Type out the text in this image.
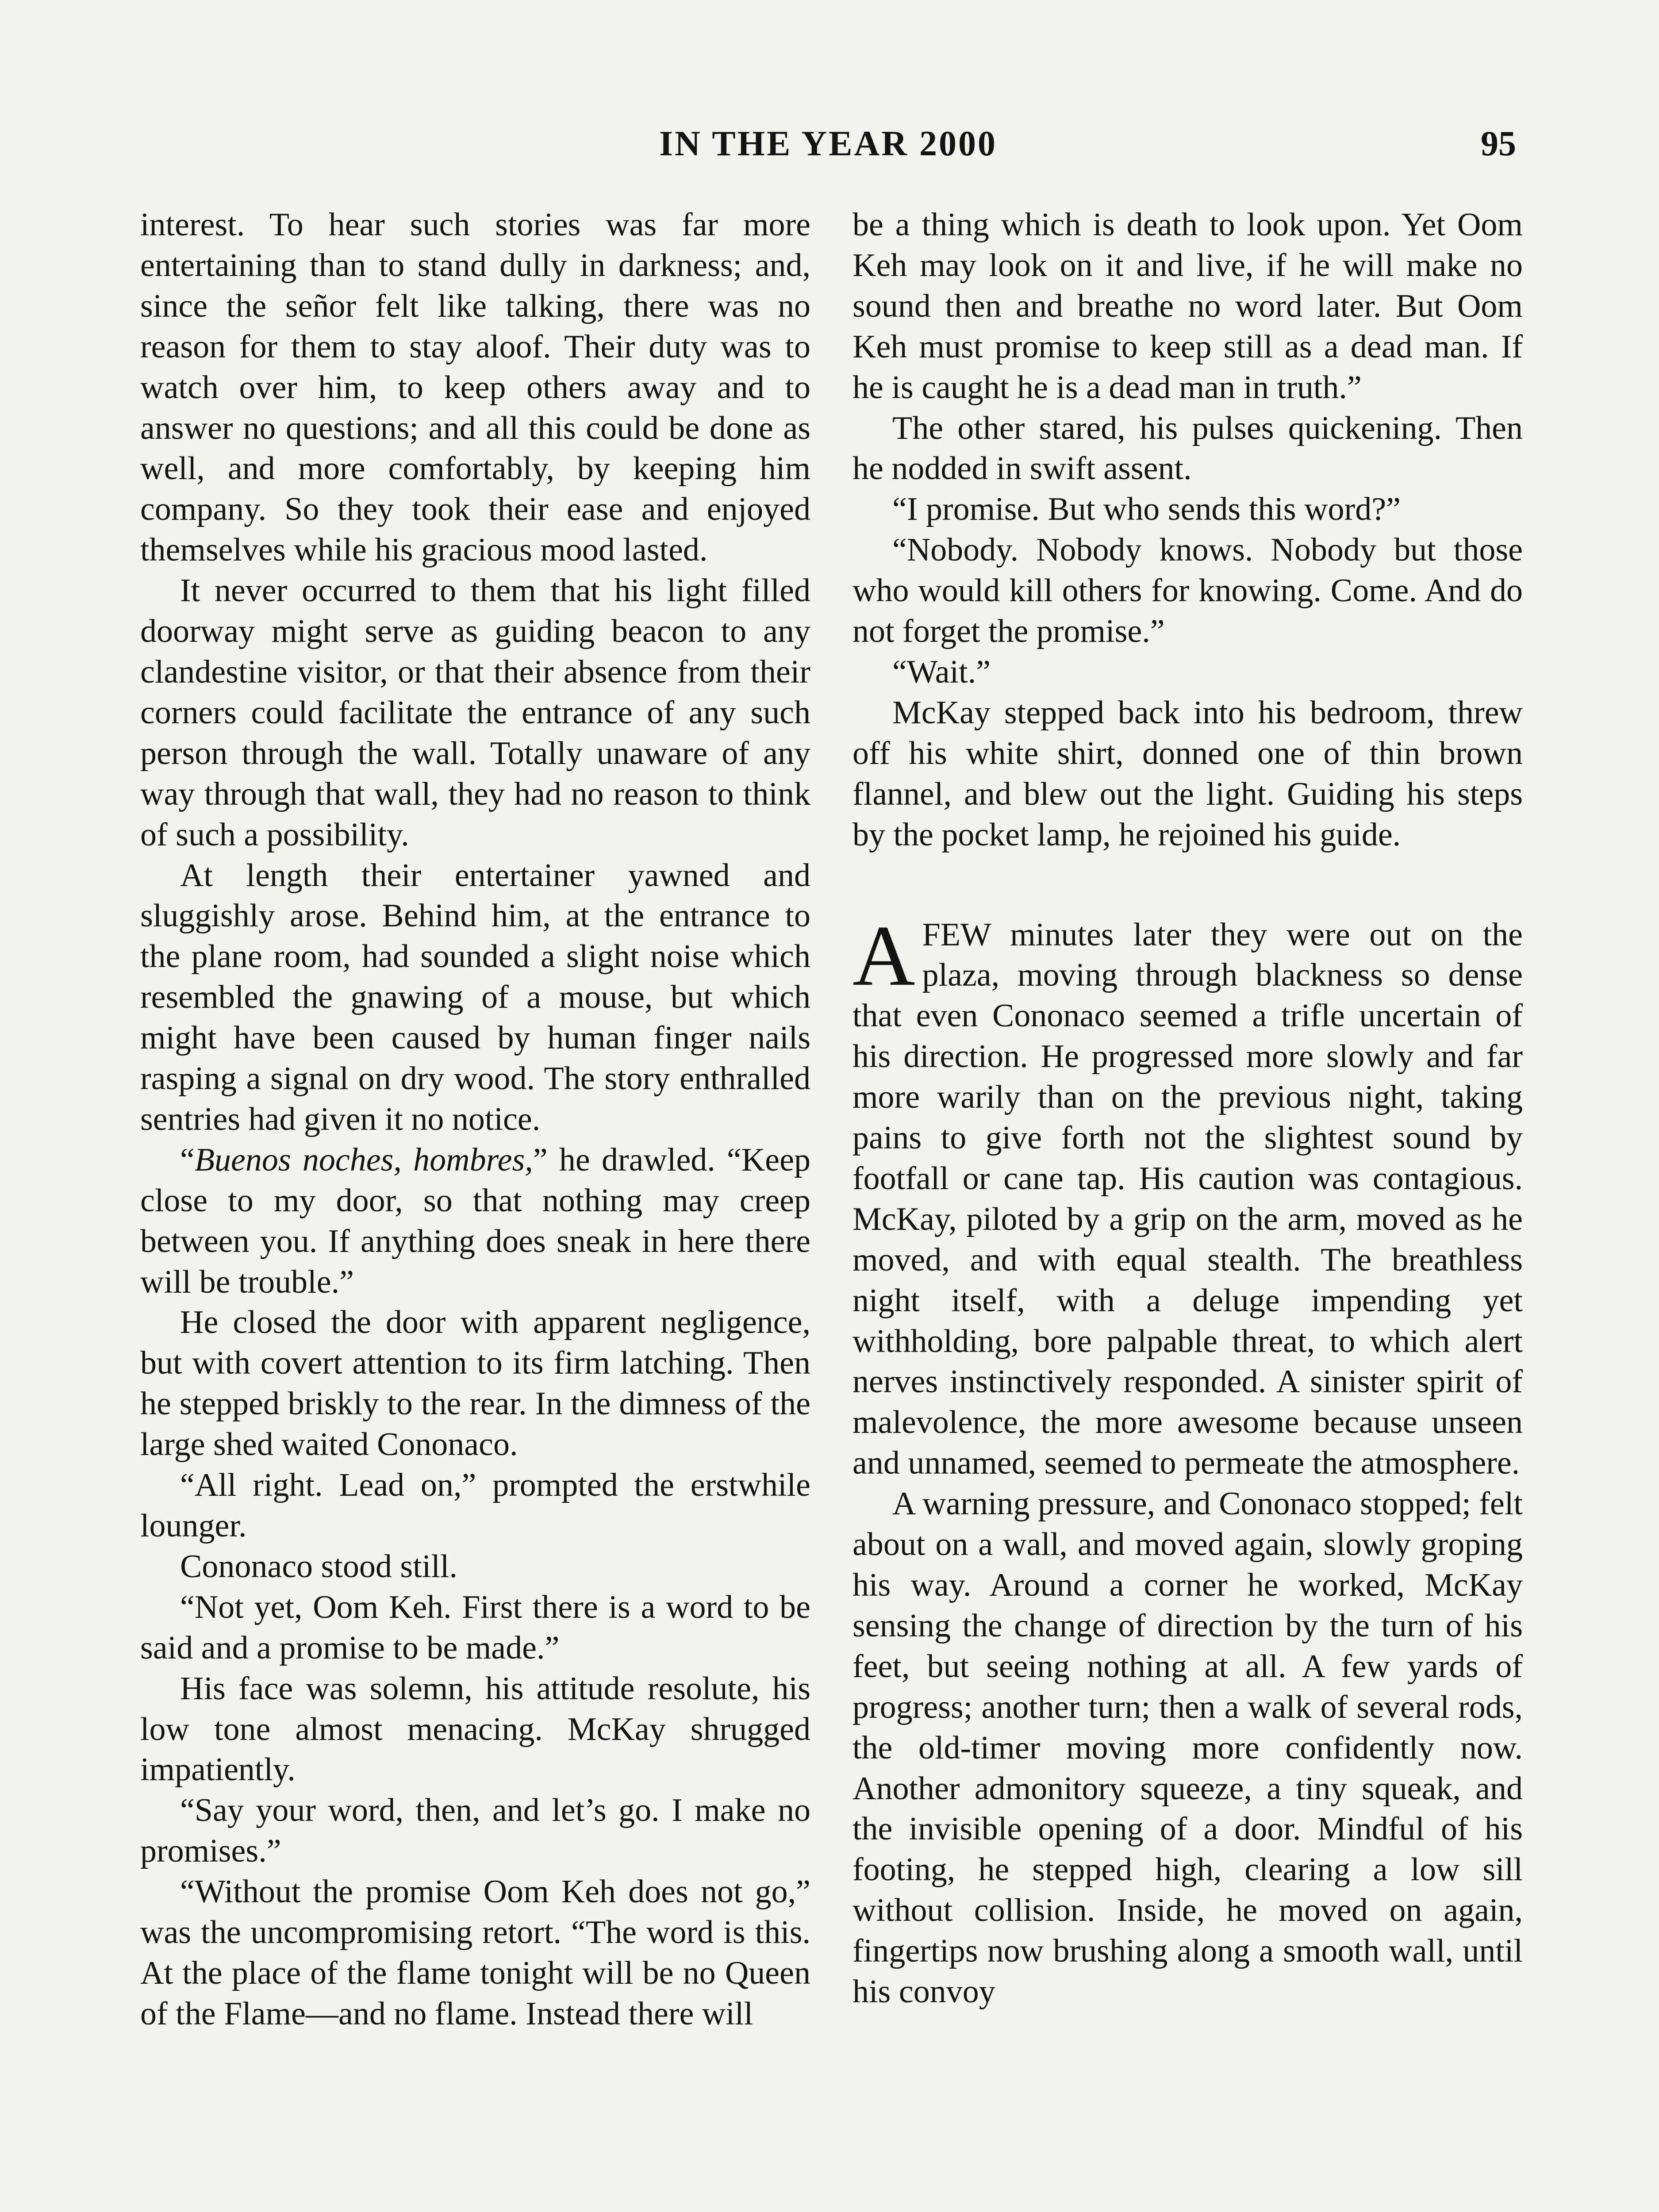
IN THE YEAR 2000	95

interest. To hear such stories was far more entertaining than to stand dully in darkness; and, since the señor felt like talking, there was no reason for them to stay aloof. Their duty was to watch over him, to keep others away and to answer no questions; and all this could be done as well, and more comfortably, by keeping him company. So they took their ease and enjoyed themselves while his gracious mood lasted.

It never occurred to them that his light filled doorway might serve as guiding beacon to any clandestine visitor, or that their absence from their corners could facilitate the entrance of any such person through the wall. Totally unaware of any way through that wall, they had no reason to think of such a possibility.

At length their entertainer yawned and sluggishly arose. Behind him, at the entrance to the plane room, had sounded a slight noise which resembled the gnawing of a mouse, but which might have been caused by human finger nails rasping a signal on dry wood. The story enthralled sentries had given it no notice.

“Buenos noches, hombres,” he drawled. “Keep close to my door, so that nothing may creep between you. If anything does sneak in here there will be trouble.”

He closed the door with apparent negligence, but with covert attention to its firm latching. Then he stepped briskly to the rear. In the dimness of the large shed waited Cononaco.

“All right. Lead on,” prompted the erstwhile lounger.

Cononaco stood still.

“Not yet, Oom Keh. First there is a word to be said and a promise to be made.”

His face was solemn, his attitude resolute, his low tone almost menacing. McKay shrugged impatiently.

“Say your word, then, and let’s go. I make no promises.”

“Without the promise Oom Keh does not go,” was the uncompromising retort. “The word is this. At the place of the flame tonight will be no Queen of the Flame—and no flame. Instead there will

be a thing which is death to look upon. Yet Oom Keh may look on it and live, if he will make no sound then and breathe no word later. But Oom Keh must promise to keep still as a dead man. If he is caught he is a dead man in truth.”

The other stared, his pulses quickening. Then he nodded in swift assent.

“I promise. But who sends this word?”

“Nobody. Nobody knows. Nobody but those who would kill others for knowing. Come. And do not forget the promise.”

“Wait.”

McKay stepped back into his bedroom, threw off his white shirt, donned one of thin brown flannel, and blew out the light. Guiding his steps by the pocket lamp, he rejoined his guide.

AFEW minutes later they were out on the plaza, moving through blackness so dense that even Cononaco seemed a trifle uncertain of his direction. He progressed more slowly and far more warily than on the previous night, taking pains to give forth not the slightest sound by footfall or cane tap. His caution was contagious. McKay, piloted by a grip on the arm, moved as he moved, and with equal stealth. The breathless night itself, with a deluge impending yet withholding, bore palpable threat, to which alert nerves instinctively responded. A sinister spirit of malevolence, the more awesome because unseen and unnamed, seemed to permeate the atmosphere.

A warning pressure, and Cononaco stopped; felt about on a wall, and moved again, slowly groping his way. Around a corner he worked, McKay sensing the change of direction by the turn of his feet, but seeing nothing at all. A few yards of progress; another turn; then a walk of several rods, the old-timer moving more confidently now. Another admonitory squeeze, a tiny squeak, and the invisible opening of a door. Mindful of his footing, he stepped high, clearing a low sill without collision. Inside, he moved on again, fingertips now brushing along a smooth wall, until his convoy
